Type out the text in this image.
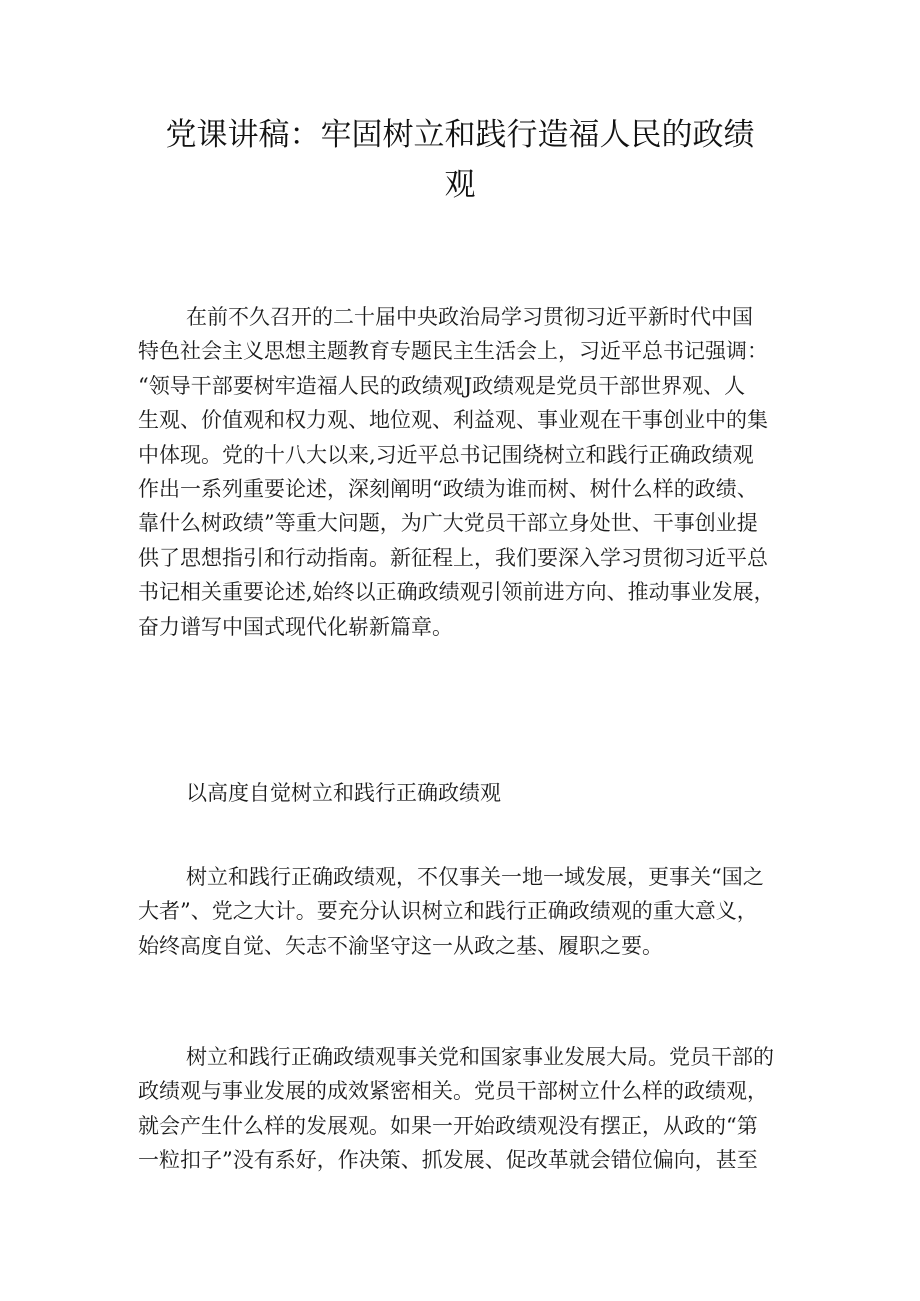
党课讲稿：牢固树立和践行造福人民的政绩
观
在前不久召开的二十届中央政治局学习贯彻习近平新时代中国
特色社会主义思想主题教育专题民主生活会上，习近平总书记强调：
“领导干部要树牢造福人民的政绩观J政绩观是党员干部世界观、人
生观、价值观和权力观、地位观、利益观、事业观在干事创业中的集
中体现。党的十八大以来,习近平总书记围绕树立和践行正确政绩观
作出一系列重要论述，深刻阐明“政绩为谁而树、树什么样的政绩、
靠什么树政绩”等重大问题，为广大党员干部立身处世、干事创业提
供了思想指引和行动指南。新征程上，我们要深入学习贯彻习近平总
书记相关重要论述,始终以正确政绩观引领前进方向、推动事业发展，
奋力谱写中国式现代化崭新篇章。
以高度自觉树立和践行正确政绩观
树立和践行正确政绩观，不仅事关一地一域发展，更事关“国之
大者”、党之大计。要充分认识树立和践行正确政绩观的重大意义，
始终高度自觉、矢志不渝坚守这一从政之基、履职之要。
树立和践行正确政绩观事关党和国家事业发展大局。党员干部的
政绩观与事业发展的成效紧密相关。党员干部树立什么样的政绩观，
就会产生什么样的发展观。如果一开始政绩观没有摆正，从政的“第
一粒扣子”没有系好，作决策、抓发展、促改革就会错位偏向，甚至
